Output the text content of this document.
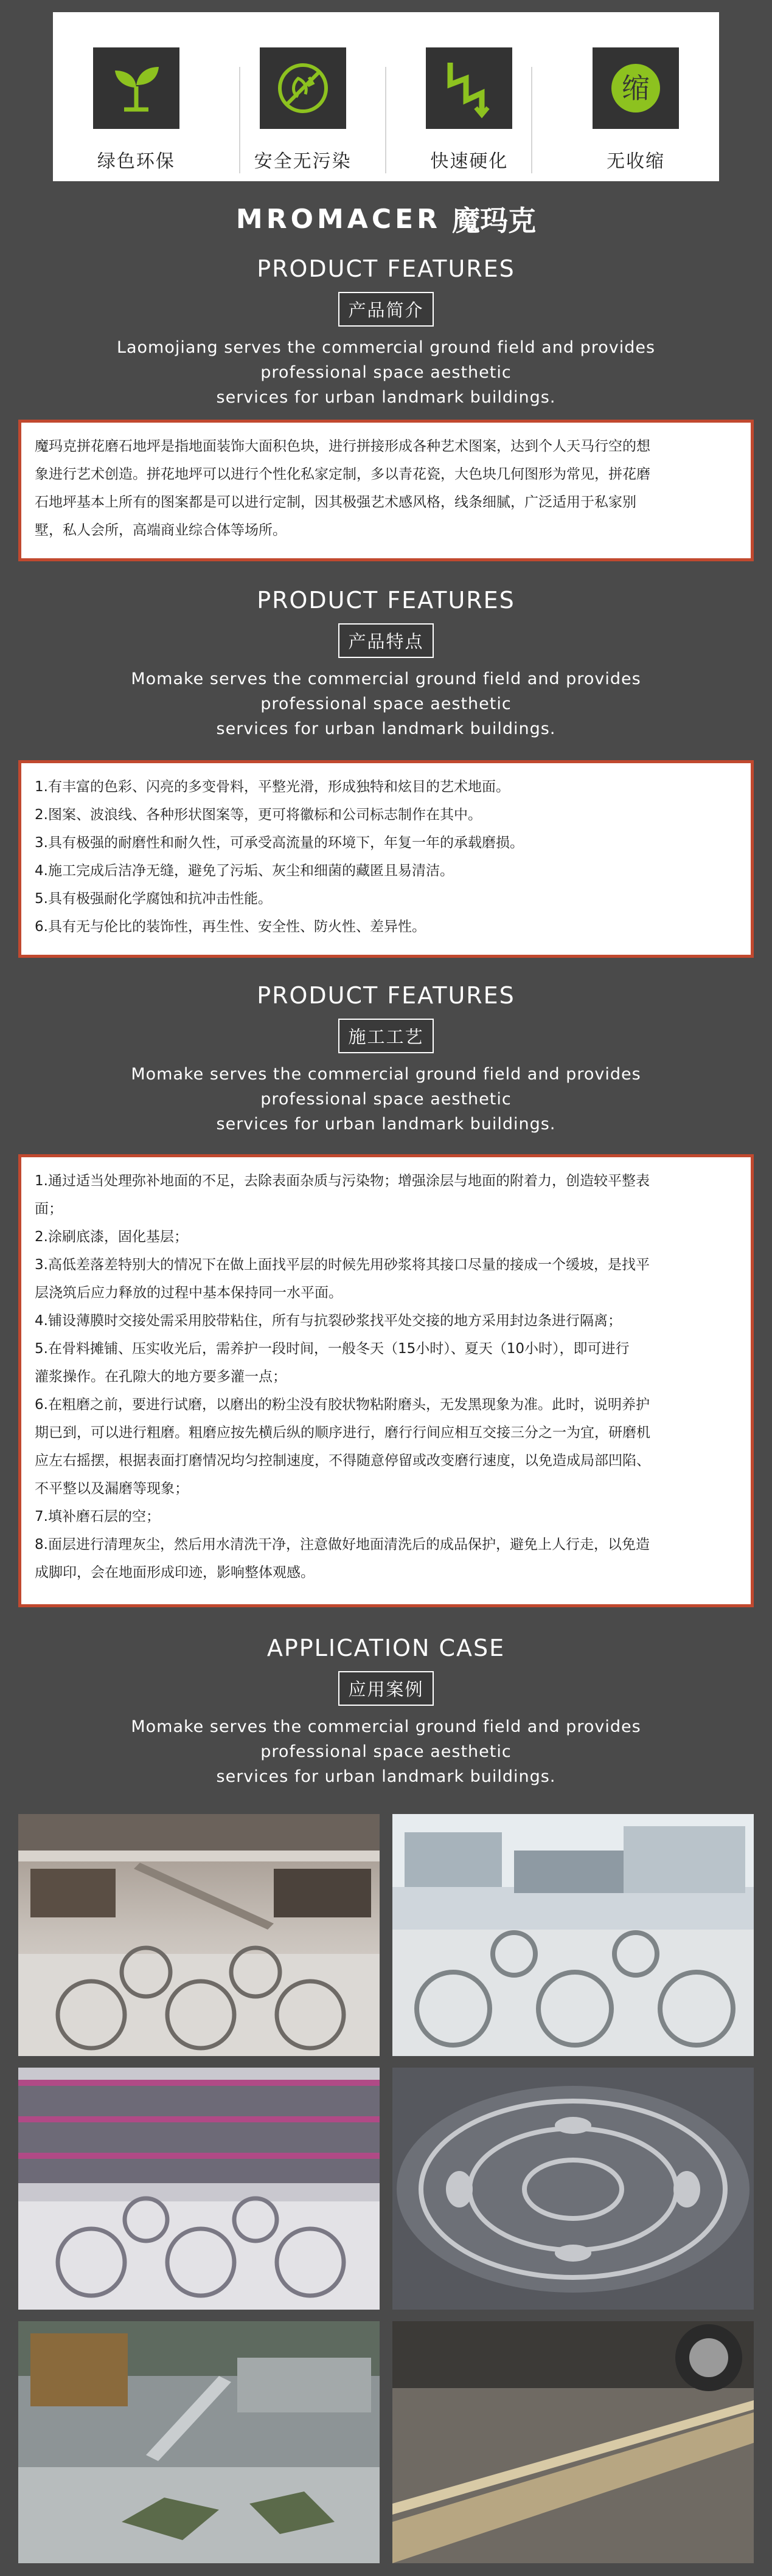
绿色环保	安全无污染	快速硬化
缩
无收缩
MROMACER 魔玛克
PRODUCT FEATURES
产品简介
Laomojiang serves the commercial ground field and provides
professional space aesthetic
services for urban landmark buildings.

魔玛克拼花磨石地坪是指地面装饰大面积色块，进行拼接形成各种艺术图案，达到个人天马行空的想

象进行艺术创造。拼花地坪可以进行个性化私家定制，多以青花瓷，大色块几何图形为常见，拼花磨

石地坪基本上所有的图案都是可以进行定制，因其极强艺术感风格，线条细腻，广泛适用于私家别

墅，私人会所，高端商业综合体等场所。

PRODUCT FEATURES
产品特点
Momake serves the commercial ground field and provides
professional space aesthetic
services for urban landmark buildings.

1.有丰富的色彩、闪亮的多变骨料，平整光滑，形成独特和炫目的艺术地面。

2.图案、波浪线、各种形状图案等，更可将徽标和公司标志制作在其中。

3.具有极强的耐磨性和耐久性，可承受高流量的环境下，年复一年的承载磨损。

4.施工完成后洁净无缝，避免了污垢、灰尘和细菌的藏匿且易清洁。

5.具有极强耐化学腐蚀和抗冲击性能。

6.具有无与伦比的装饰性，再生性、安全性、防火性、差异性。

PRODUCT FEATURES
施工工艺
Momake serves the commercial ground field and provides
professional space aesthetic
services for urban landmark buildings.

1.通过适当处理弥补地面的不足，去除表面杂质与污染物；增强涂层与地面的附着力，创造较平整表

面；

2.涂刷底漆，固化基层；

3.高低差落差特别大的情况下在做上面找平层的时候先用砂浆将其接口尽量的接成一个缓坡，是找平

层浇筑后应力释放的过程中基本保持同一水平面。

4.铺设薄膜时交接处需采用胶带粘住，所有与抗裂砂浆找平处交接的地方采用封边条进行隔离；

5.在骨料摊铺、压实收光后，需养护一段时间，一般冬天（15小时）、夏天（10小时），即可进行

灌浆操作。在孔隙大的地方要多灌一点；

6.在粗磨之前，要进行试磨，以磨出的粉尘没有胶状物粘附磨头，无发黑现象为准。此时，说明养护

期已到，可以进行粗磨。粗磨应按先横后纵的顺序进行，磨行行间应相互交接三分之一为宜，研磨机

应左右摇摆，根据表面打磨情况均匀控制速度，不得随意停留或改变磨行速度，以免造成局部凹陷、

不平整以及漏磨等现象；

7.填补磨石层的空；

8.面层进行清理灰尘，然后用水清洗干净，注意做好地面清洗后的成品保护，避免上人行走，以免造

成脚印，会在地面形成印迹，影响整体观感。

APPLICATION CASE
应用案例
Momake serves the commercial ground field and provides
professional space aesthetic
services for urban landmark buildings.
